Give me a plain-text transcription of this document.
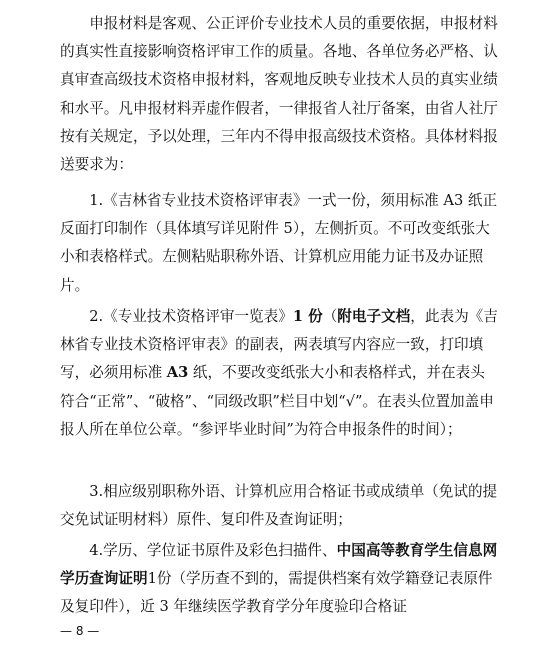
申报材料是客观、公正评价专业技术人员的重要依据，申报材料的真实性直接影响资格评审工作的质量。各地、各单位务必严格、认真审查高级技术资格申报材料，客观地反映专业技术人员的真实业绩和水平。凡申报材料弄虚作假者，一律报省人社厅备案，由省人社厅按有关规定，予以处理，三年内不得申报高级技术资格。具体材料报送要求为：

1.《吉林省专业技术资格评审表》一式一份，须用标准 A3 纸正反面打印制作（具体填写详见附件 5），左侧折页。不可改变纸张大小和表格样式。左侧粘贴职称外语、计算机应用能力证书及办证照片。

2.《专业技术资格评审一览表》1 份（附电子文档，此表为《吉林省专业技术资格评审表》的副表，两表填写内容应一致，打印填写，必须用标准 A3 纸，不要改变纸张大小和表格样式，并在表头符合“正常”、“破格”、“同级改职”栏目中划“√”。在表头位置加盖申报人所在单位公章。“参评毕业时间”为符合申报条件的时间）；

3.相应级别职称外语、计算机应用合格证书或成绩单（免试的提交免试证明材料）原件、复印件及查询证明；

4.学历、学位证书原件及彩色扫描件、中国高等教育学生信息网学历查询证明1份（学历查不到的，需提供档案有效学籍登记表原件及复印件），近 3 年继续医学教育学分年度验印合格证

— 8 —
